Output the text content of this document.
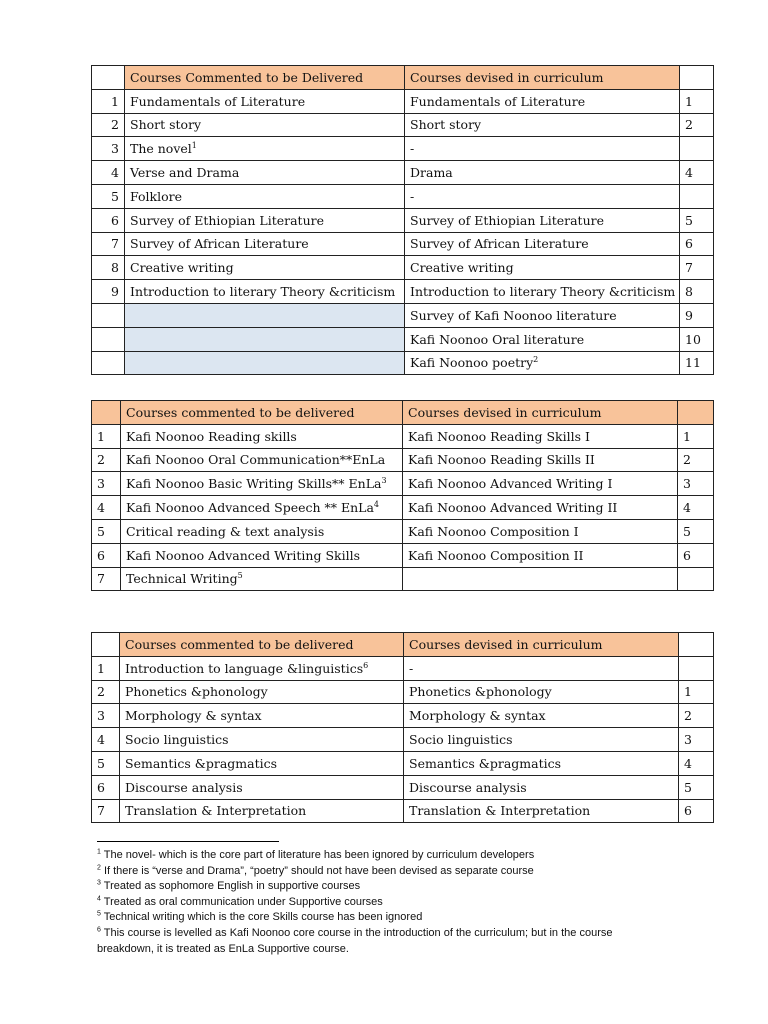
	Courses Commented to be Delivered	Courses devised in curriculum	
1	Fundamentals of Literature	Fundamentals of Literature	1
2	Short story	Short story	2
3	The novel$^1$	-	
4	Verse and Drama	Drama	4
5	Folklore	-	
6	Survey of Ethiopian Literature	Survey of Ethiopian Literature	5
7	Survey of African Literature	Survey of African Literature	6
8	Creative writing	Creative writing	7
9	Introduction to literary Theory &criticism	Introduction to literary Theory &criticism	8
		Survey of Kafi Noonoo literature	9
		Kafi Noonoo Oral literature	10
		Kafi Noonoo poetry$^2$	11
	Courses commented to be delivered	Courses devised in curriculum	
1	Kafi Noonoo Reading skills	Kafi Noonoo Reading Skills I	1
2	Kafi Noonoo Oral Communication**EnLa	Kafi Noonoo Reading Skills II	2
3	Kafi Noonoo Basic Writing Skills** EnLa$^3$	Kafi Noonoo Advanced Writing I	3
4	Kafi Noonoo Advanced Speech ** EnLa$^4$	Kafi Noonoo Advanced Writing II	4
5	Critical reading & text analysis	Kafi Noonoo Composition I	5
6	Kafi Noonoo Advanced Writing Skills	Kafi Noonoo Composition II	6
7	Technical Writing$^5$		
	Courses commented to be delivered	Courses devised in curriculum	
1	Introduction to language &linguistics$^6$	-	
2	Phonetics &phonology	Phonetics &phonology	1
3	Morphology & syntax	Morphology & syntax	2
4	Socio linguistics	Socio linguistics	3
5	Semantics &pragmatics	Semantics &pragmatics	4
6	Discourse analysis	Discourse analysis	5
7	Translation & Interpretation	Translation & Interpretation	6

$^1$ The novel- which is the core part of literature has been ignored by curriculum developers

$^2$ If there is “verse and Drama”, “poetry” should not have been devised as separate course

$^3$ Treated as sophomore English in supportive courses

$^4$ Treated as oral communication under Supportive courses

$^5$ Technical writing which is the core Skills course has been ignored

$^6$ This course is levelled as Kafi Noonoo core course in the introduction of the curriculum; but in the course breakdown, it is treated as EnLa Supportive course.
